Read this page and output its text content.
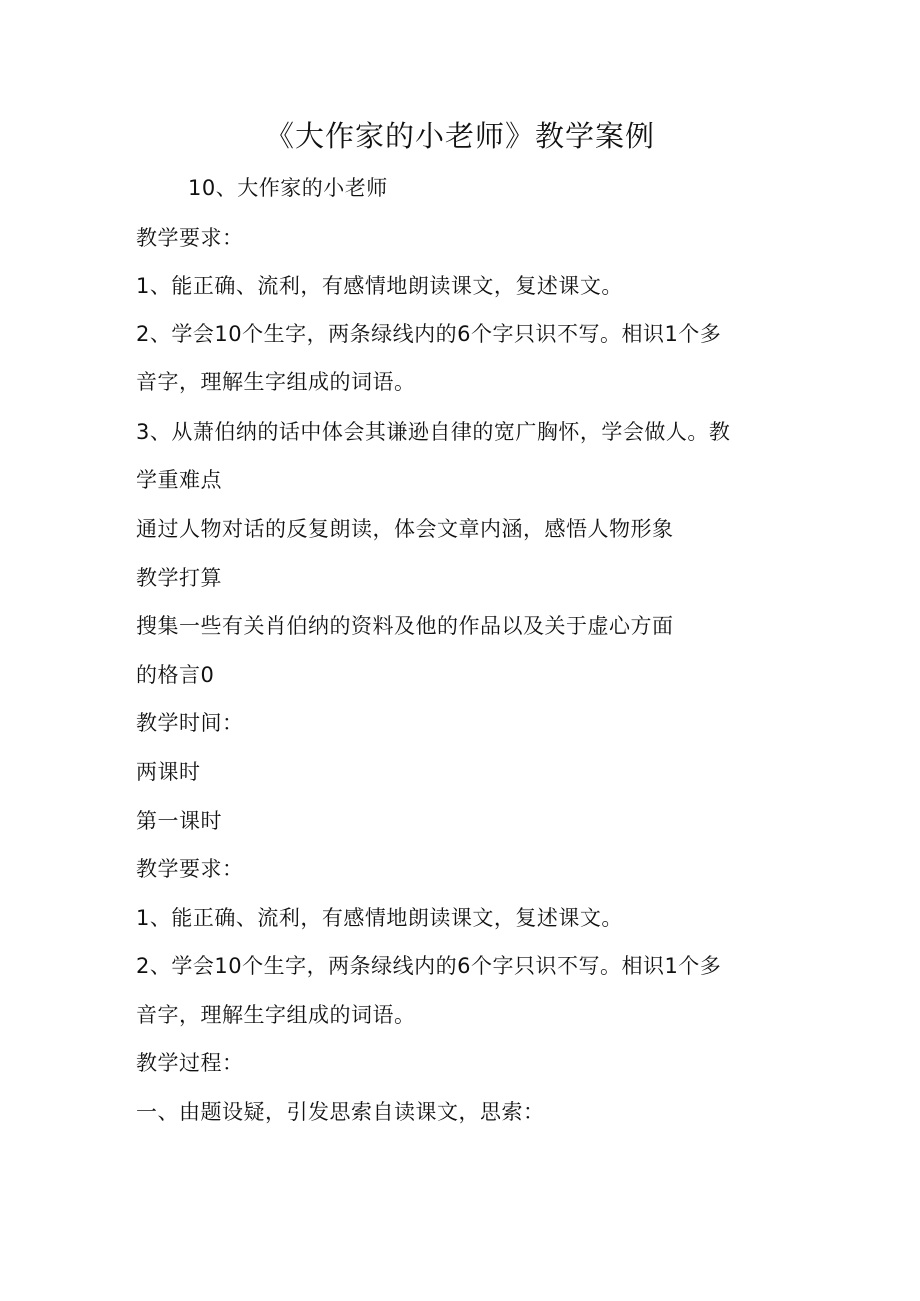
《大作家的小老师》教学案例
10、大作家的小老师
教学要求：
1、能正确、流利，有感情地朗读课文，复述课文。
2、学会10个生字，两条绿线内的6个字只识不写。相识1个多
音字，理解生字组成的词语。
3、从萧伯纳的话中体会其谦逊自律的宽广胸怀，学会做人。教
学重难点
通过人物对话的反复朗读，体会文章内涵，感悟人物形象
教学打算
搜集一些有关肖伯纳的资料及他的作品以及关于虚心方面
的格言0
教学时间：
两课时
第一课时
教学要求：
1、能正确、流利，有感情地朗读课文，复述课文。
2、学会10个生字，两条绿线内的6个字只识不写。相识1个多
音字，理解生字组成的词语。
教学过程：
一、由题设疑，引发思索自读课文，思索：
